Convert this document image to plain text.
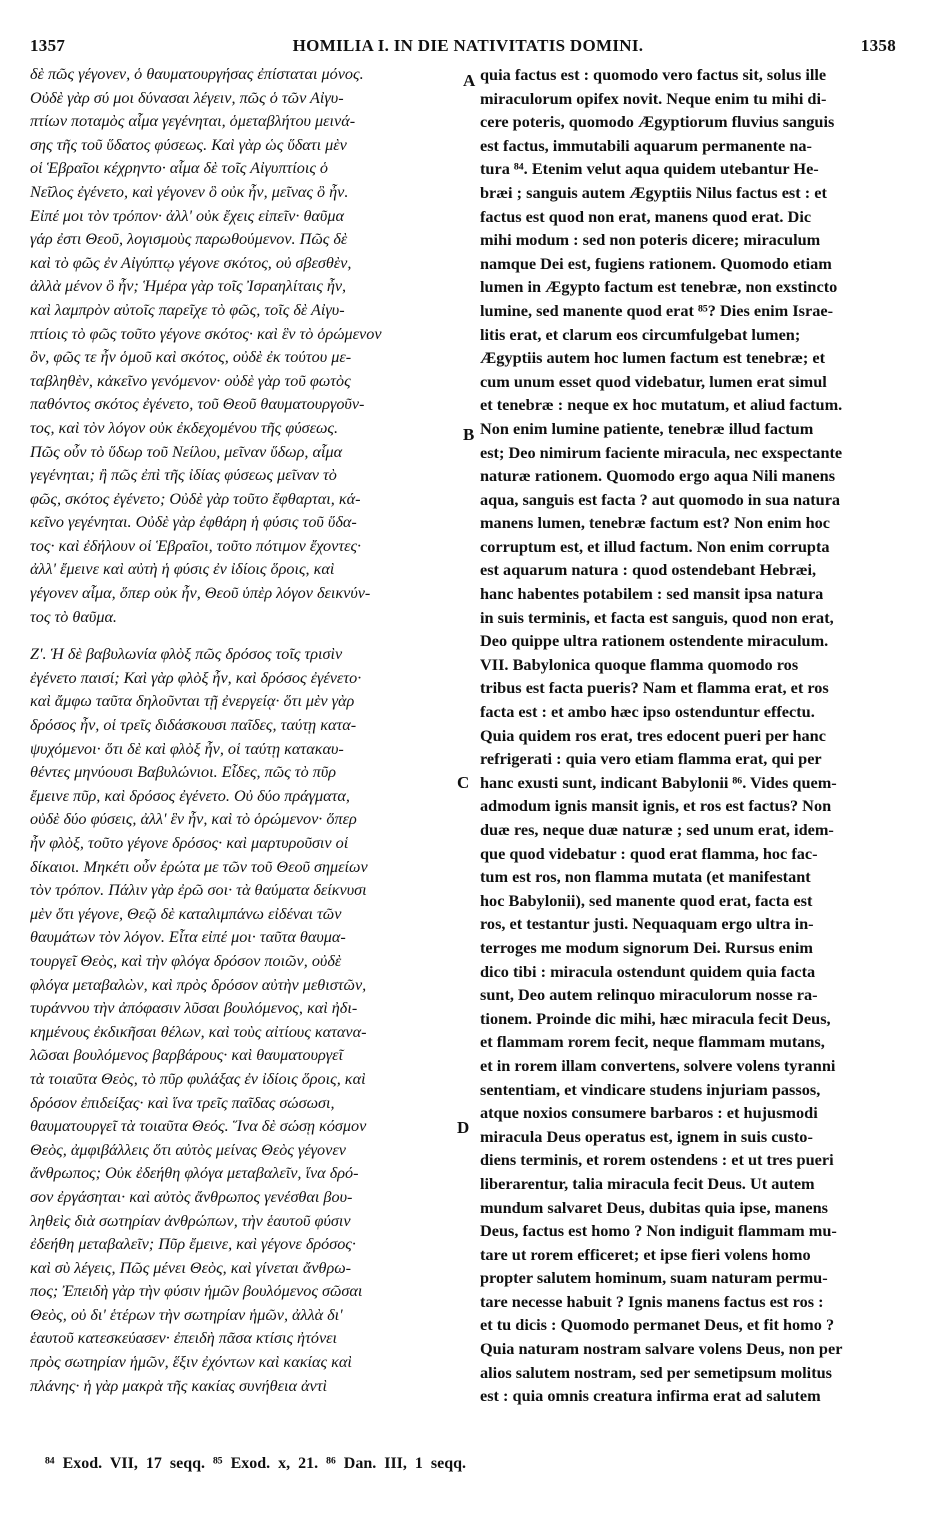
1357	HOMILIA I. IN DIE NATIVITATIS DOMINI.	1358
δὲ πῶς γέγονεν, ὁ θαυματουργήσας ἐπίσταται μόνος.
Οὐδὲ γὰρ σύ μοι δύνασαι λέγειν, πῶς ὁ τῶν Αἰγυ-
πτίων ποταμὸς αἷμα γεγένηται, ὁμεταβλήτου μεινά-
σης τῆς τοῦ ὕδατος φύσεως. Καὶ γὰρ ὡς ὕδατι μὲν
οἱ Ἑβραῖοι κέχρηντο· αἷμα δὲ τοῖς Αἰγυπτίοις ὁ
Νεῖλος ἐγένετο, καὶ γέγονεν ὃ οὐκ ἦν, μεῖνας ὃ ἦν.
Εἰπέ μοι τὸν τρόπον· ἀλλ' οὐκ ἔχεις εἰπεῖν· θαῦμα
γάρ ἐστι Θεοῦ, λογισμοὺς παρωθούμενον. Πῶς δὲ
καὶ τὸ φῶς ἐν Αἰγύπτῳ γέγονε σκότος, οὐ σβεσθὲν,
ἀλλὰ μένον ὃ ἦν; Ἡμέρα γὰρ τοῖς Ἰσραηλίταις ἦν,
καὶ λαμπρὸν αὐτοῖς παρεῖχε τὸ φῶς, τοῖς δὲ Αἰγυ-
πτίοις τὸ φῶς τοῦτο γέγονε σκότος· καὶ ἓν τὸ ὁρώμενον
ὂν, φῶς τε ἦν ὁμοῦ καὶ σκότος, οὐδὲ ἐκ τούτου με-
ταβληθὲν, κἀκεῖνο γενόμενον· οὐδὲ γὰρ τοῦ φωτὸς
παθόντος σκότος ἐγένετο, τοῦ Θεοῦ θαυματουργοῦν-
τος, καὶ τὸν λόγον οὐκ ἐκδεχομένου τῆς φύσεως.
Πῶς οὖν τὸ ὕδωρ τοῦ Νείλου, μεῖναν ὕδωρ, αἷμα
γεγένηται; ἢ πῶς ἐπὶ τῆς ἰδίας φύσεως μεῖναν τὸ
φῶς, σκότος ἐγένετο; Οὐδὲ γὰρ τοῦτο ἔφθαρται, κά-
κεῖνο γεγένηται. Οὐδὲ γὰρ ἐφθάρη ἡ φύσις τοῦ ὕδα-
τος· καὶ ἐδήλουν οἱ Ἑβραῖοι, τοῦτο πότιμον ἔχοντες·
ἀλλ' ἔμεινε καὶ αὐτὴ ἡ φύσις ἐν ἰδίοις ὅροις, καὶ
γέγονεν αἷμα, ὅπερ οὐκ ἦν, Θεοῦ ὑπὲρ λόγον δεικνύν-
τος τὸ θαῦμα.
Ζ'. Ἡ δὲ βαβυλωνία φλὸξ πῶς δρόσος τοῖς τρισὶν
ἐγένετο παισί; Καὶ γὰρ φλὸξ ἦν, καὶ δρόσος ἐγένετο·
καὶ ἄμφω ταῦτα δηλοῦνται τῇ ἐνεργείᾳ· ὅτι μὲν γὰρ
δρόσος ἦν, οἱ τρεῖς διδάσκουσι παῖδες, ταύτῃ κατα-
ψυχόμενοι· ὅτι δὲ καὶ φλὸξ ἦν, οἱ ταύτῃ κατακαυ-
θέντες μηνύουσι Βαβυλώνιοι. Εἶδες, πῶς τὸ πῦρ
ἔμεινε πῦρ, καὶ δρόσος ἐγένετο. Οὐ δύο πράγματα,
οὐδὲ δύο φύσεις, ἀλλ' ἓν ἦν, καὶ τὸ ὁρώμενον· ὅπερ
ἦν φλὸξ, τοῦτο γέγονε δρόσος· καὶ μαρτυροῦσιν οἱ
δίκαιοι. Μηκέτι οὖν ἐρώτα με τῶν τοῦ Θεοῦ σημείων
τὸν τρόπον. Πάλιν γὰρ ἐρῶ σοι· τὰ θαύματα δείκνυσι
μὲν ὅτι γέγονε, Θεῷ δὲ καταλιμπάνω εἰδέναι τῶν
θαυμάτων τὸν λόγον. Εἶτα εἰπέ μοι· ταῦτα θαυμα-
τουργεῖ Θεὸς, καὶ τὴν φλόγα δρόσον ποιῶν, οὐδὲ
φλόγα μεταβαλὼν, καὶ πρὸς δρόσον αὐτὴν μεθιστῶν,
τυράννου τὴν ἀπόφασιν λῦσαι βουλόμενος, καὶ ἠδι-
κημένους ἐκδικῆσαι θέλων, καὶ τοὺς αἰτίους κατανα-
λῶσαι βουλόμενος βαρβάρους· καὶ θαυματουργεῖ
τὰ τοιαῦτα Θεὸς, τὸ πῦρ φυλάξας ἐν ἰδίοις ὅροις, καὶ
δρόσον ἐπιδείξας· καὶ ἵνα τρεῖς παῖδας σώσωσι,
θαυματουργεῖ τὰ τοιαῦτα Θεός. Ἵνα δὲ σώσῃ κόσμον
Θεὸς, ἀμφιβάλλεις ὅτι αὐτὸς μείνας Θεὸς γέγονεν
ἄνθρωπος; Οὐκ ἐδεήθη φλόγα μεταβαλεῖν, ἵνα δρό-
σον ἐργάσηται· καὶ αὐτὸς ἄνθρωπος γενέσθαι βου-
ληθεὶς διὰ σωτηρίαν ἀνθρώπων, τὴν ἑαυτοῦ φύσιν
ἐδεήθη μεταβαλεῖν; Πῦρ ἔμεινε, καὶ γέγονε δρόσος·
καὶ σὺ λέγεις, Πῶς μένει Θεὸς, καὶ γίνεται ἄνθρω-
πος; Ἐπειδὴ γὰρ τὴν φύσιν ἡμῶν βουλόμενος σῶσαι
Θεὸς, οὐ δι' ἑτέρων τὴν σωτηρίαν ἡμῶν, ἀλλὰ δι'
ἑαυτοῦ κατεσκεύασεν· ἐπειδὴ πᾶσα κτίσις ἠτόνει
πρὸς σωτηρίαν ἡμῶν, ἕξιν ἐχόντων καὶ κακίας καὶ
πλάνης· ἡ γὰρ μακρὰ τῆς κακίας συνήθεια ἀντὶ
quia factus est : quomodo vero factus sit, solus ille
miraculorum opifex novit. Neque enim tu mihi di-
cere poteris, quomodo Ægyptiorum fluvius sanguis
est factus, immutabili aquarum permanente na-
tura ⁸⁴. Etenim velut aqua quidem utebantur He-
bræi ; sanguis autem Ægyptiis Nilus factus est : et
factus est quod non erat, manens quod erat. Dic
mihi modum : sed non poteris dicere; miraculum
namque Dei est, fugiens rationem. Quomodo etiam
lumen in Ægypto factum est tenebræ, non exstincto
lumine, sed manente quod erat ⁸⁵? Dies enim Israe-
litis erat, et clarum eos circumfulgebat lumen;
Ægyptiis autem hoc lumen factum est tenebræ; et
cum unum esset quod videbatur, lumen erat simul
et tenebræ : neque ex hoc mutatum, et aliud factum.
Non enim lumine patiente, tenebræ illud factum
est; Deo nimirum faciente miracula, nec exspectante
naturæ rationem. Quomodo ergo aqua Nili manens
aqua, sanguis est facta ? aut quomodo in sua natura
manens lumen, tenebræ factum est? Non enim hoc
corruptum est, et illud factum. Non enim corrupta
est aquarum natura : quod ostendebant Hebræi,
hanc habentes potabilem : sed mansit ipsa natura
in suis terminis, et facta est sanguis, quod non erat,
Deo quippe ultra rationem ostendente miraculum.
VII. Babylonica quoque flamma quomodo ros
tribus est facta pueris? Nam et flamma erat, et ros
facta est : et ambo hæc ipso ostenduntur effectu.
Quia quidem ros erat, tres edocent pueri per hanc
refrigerati : quia vero etiam flamma erat, qui per
hanc exusti sunt, indicant Babylonii ⁸⁶. Vides quem-
admodum ignis mansit ignis, et ros est factus? Non
duæ res, neque duæ naturæ ; sed unum erat, idem-
que quod videbatur : quod erat flamma, hoc fac-
tum est ros, non flamma mutata (et manifestant
hoc Babylonii), sed manente quod erat, facta est
ros, et testantur justi. Nequaquam ergo ultra in-
terroges me modum signorum Dei. Rursus enim
dico tibi : miracula ostendunt quidem quia facta
sunt, Deo autem relinquo miraculorum nosse ra-
tionem. Proinde dic mihi, hæc miracula fecit Deus,
et flammam rorem fecit, neque flammam mutans,
et in rorem illam convertens, solvere volens tyranni
sententiam, et vindicare studens injuriam passos,
atque noxios consumere barbaros : et hujusmodi
miracula Deus operatus est, ignem in suis custo-
diens terminis, et rorem ostendens : et ut tres pueri
liberarentur, talia miracula fecit Deus. Ut autem
mundum salvaret Deus, dubitas quia ipse, manens
Deus, factus est homo ? Non indiguit flammam mu-
tare ut rorem efficeret; et ipse fieri volens homo
propter salutem hominum, suam naturam permu-
tare necesse habuit ? Ignis manens factus est ros :
et tu dicis : Quomodo permanet Deus, et fit homo ?
Quia naturam nostram salvare volens Deus, non per
alios salutem nostram, sed per semetipsum molitus
est : quia omnis creatura infirma erat ad salutem
A
B
C
D
⁸⁴ Exod. VII, 17 seqq. ⁸⁵ Exod. x, 21. ⁸⁶ Dan. III, 1 seqq.
